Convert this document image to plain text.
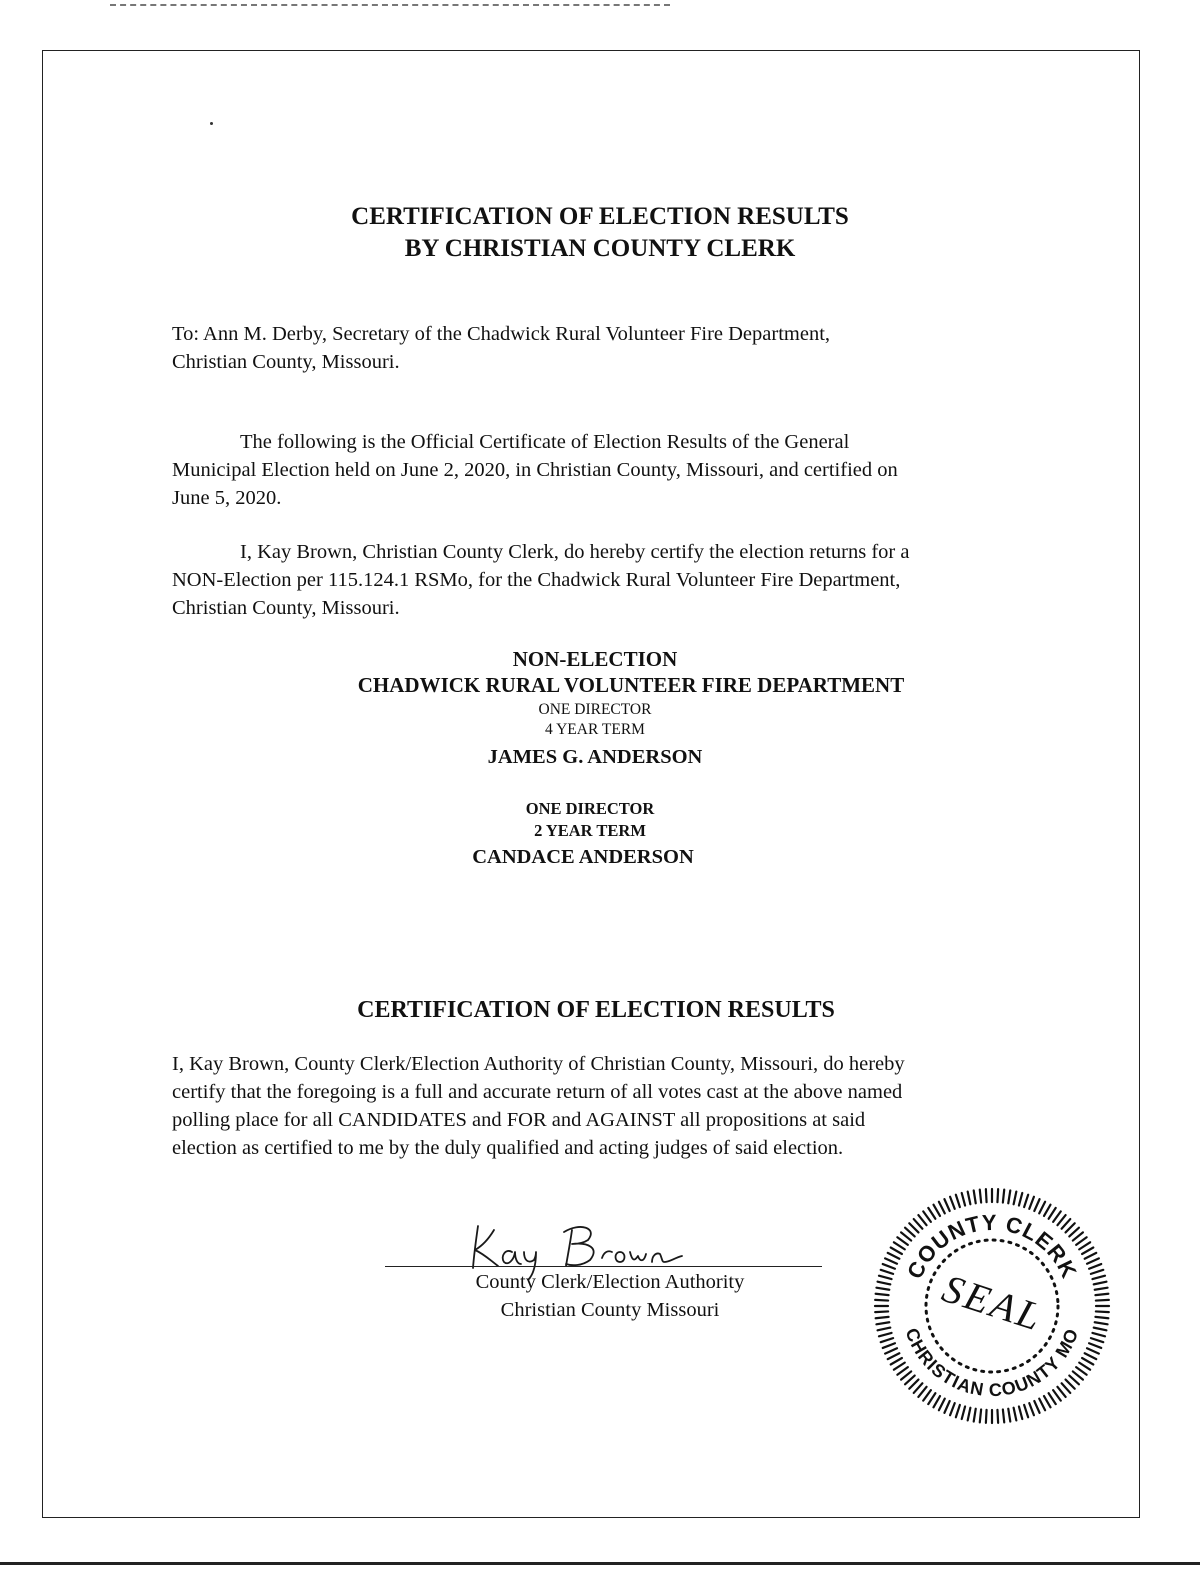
CERTIFICATION OF ELECTION RESULTS
BY CHRISTIAN COUNTY CLERK

To: Ann M. Derby, Secretary of the Chadwick Rural Volunteer Fire Department,

Christian County, Missouri.

The following is the Official Certificate of Election Results of the General

Municipal Election held on June 2, 2020, in Christian County, Missouri, and certified on

June 5, 2020.

I, Kay Brown, Christian County Clerk, do hereby certify the election returns for a

NON-Election per 115.124.1 RSMo, for the Chadwick Rural Volunteer Fire Department,

Christian County, Missouri.

NON-ELECTION

CHADWICK RURAL VOLUNTEER FIRE DEPARTMENT

ONE DIRECTOR

4 YEAR TERM

JAMES G. ANDERSON

ONE DIRECTOR

2 YEAR TERM

CANDACE ANDERSON

CERTIFICATION OF ELECTION RESULTS

I, Kay Brown, County Clerk/Election Authority of Christian County, Missouri, do hereby

certify that the foregoing is a full and accurate return of all votes cast at the above named

polling place for all CANDIDATES and FOR and AGAINST all propositions at said

election as certified to me by the duly qualified and acting judges of said election.

County Clerk/Election Authority

Christian County Missouri

COUNTY CLERK
CHRISTIAN COUNTY MO
SEAL
